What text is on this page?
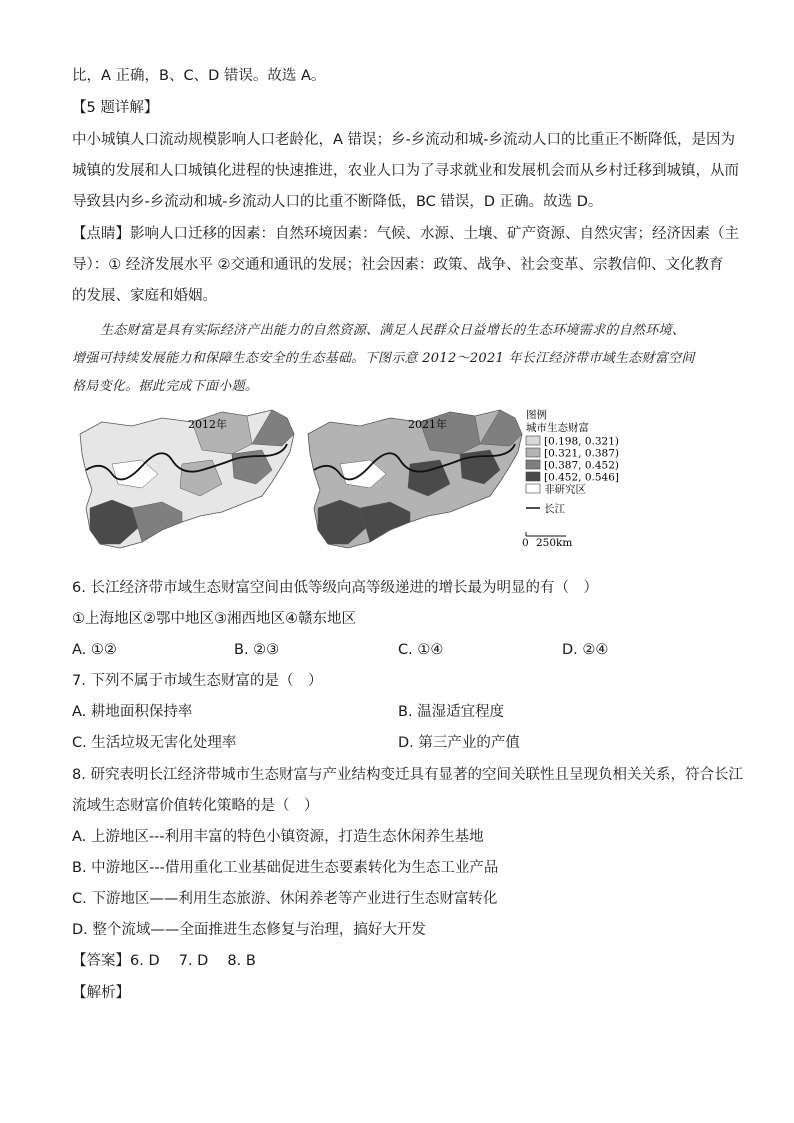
比，A 正确，B、C、D 错误。故选 A。
【5 题详解】
中小城镇人口流动规模影响人口老龄化，A 错误；乡-乡流动和城-乡流动人口的比重正不断降低，是因为
城镇的发展和人口城镇化进程的快速推进，农业人口为了寻求就业和发展机会而从乡村迁移到城镇，从而
导致县内乡-乡流动和城-乡流动人口的比重不断降低，BC 错误，D 正确。故选 D。
【点睛】影响人口迁移的因素：自然环境因素：气候、水源、土壤、矿产资源、自然灾害；经济因素（主
导）：① 经济发展水平 ②交通和通讯的发展；社会因素：政策、战争、社会变革、宗教信仰、文化教育
的发展、家庭和婚姻。
生态财富是具有实际经济产出能力的自然资源、满足人民群众日益增长的生态环境需求的自然环境、
增强可持续发展能力和保障生态安全的生态基础。下图示意 2012～2021 年长江经济带市域生态财富空间
格局变化。据此完成下面小题。
2012年	2021年
图例
城市生态财富
[0.198, 0.321)
[0.321, 0.387)
[0.387, 0.452)
[0.452, 0.546]
非研究区
长江
0 250km
6. 长江经济带市域生态财富空间由低等级向高等级递进的增长最为明显的有（　）
①上海地区②鄂中地区③湘西地区④赣东地区
A. ①②	B. ②③	C. ①④	D. ②④
7. 下列不属于市域生态财富的是（　）
A. 耕地面积保持率	B. 温湿适宜程度
C. 生活垃圾无害化处理率	D. 第三产业的产值
8. 研究表明长江经济带城市生态财富与产业结构变迁具有显著的空间关联性且呈现负相关关系，符合长江
流域生态财富价值转化策略的是（　）
A. 上游地区---利用丰富的特色小镇资源，打造生态休闲养生基地
B. 中游地区---借用重化工业基础促进生态要素转化为生态工业产品
C. 下游地区——利用生态旅游、休闲养老等产业进行生态财富转化
D. 整个流域——全面推进生态修复与治理，搞好大开发
【答案】6. D　 7. D　 8. B
【解析】
